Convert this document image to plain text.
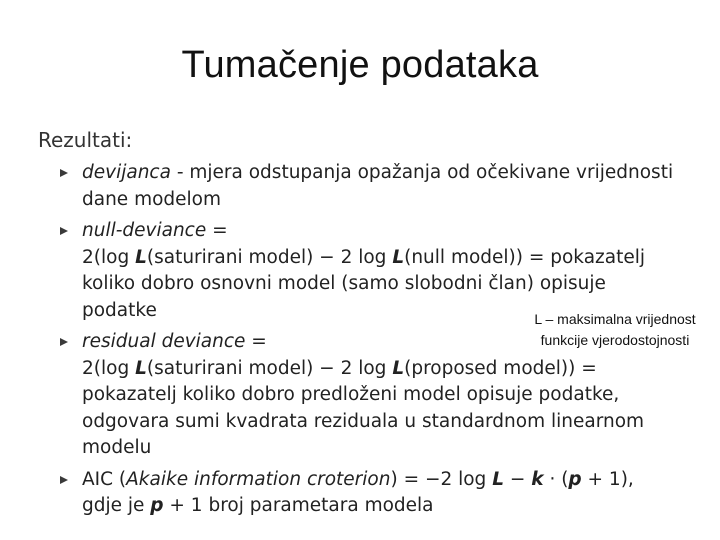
Tumačenje podataka
Rezultati:
devijanca - mjera odstupanja opažanja od očekivane vrijednosti
dane modelom
null-deviance =
2(log L(saturirani model) − 2 log L(null model)) = pokazatelj
koliko dobro osnovni model (samo slobodni član) opisuje
podatke
residual deviance =
2(log L(saturirani model) − 2 log L(proposed model)) =
pokazatelj koliko dobro predloženi model opisuje podatke,
odgovara sumi kvadrata reziduala u standardnom linearnom
modelu
AIC (Akaike information croterion) = −2 log L − k · (p + 1),
gdje je p + 1 broj parametara modela
L – maksimalna vrijednost
funkcije vjerodostojnosti
